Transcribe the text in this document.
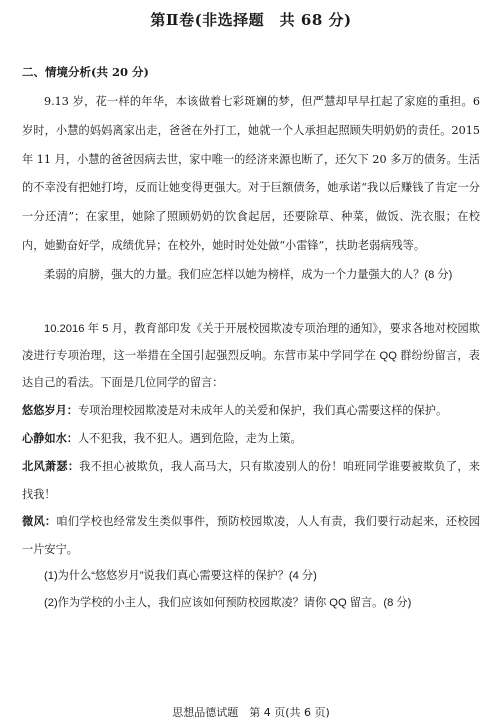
第Ⅱ卷(非选择题　共 68 分)
二、情境分析(共 20 分)

9.13 岁，花一样的年华，本该做着七彩斑斓的梦，但严慧却早早扛起了家庭的重担。6 岁时，小慧的妈妈离家出走，爸爸在外打工，她就一个人承担起照顾失明奶奶的责任。2015 年 11 月，小慧的爸爸因病去世，家中唯一的经济来源也断了，还欠下 20 多万的债务。生活的不幸没有把她打垮，反而让她变得更强大。对于巨额债务，她承诺“我以后赚钱了肯定一分一分还清”；在家里，她除了照顾奶奶的饮食起居，还要除草、种菜，做饭、洗衣服；在校内，她勤奋好学，成绩优异；在校外，她时时处处做“小雷锋”，扶助老弱病残等。

柔弱的肩膀，强大的力量。我们应怎样以她为榜样，成为一个力量强大的人？(8 分)

10.2016 年 5 月，教育部印发《关于开展校园欺凌专项治理的通知》，要求各地对校园欺凌进行专项治理，这一举措在全国引起强烈反响。东营市某中学同学在 QQ 群纷纷留言，表达自己的看法。下面是几位同学的留言：

悠悠岁月：专项治理校园欺凌是对未成年人的关爱和保护，我们真心需要这样的保护。

心静如水：人不犯我，我不犯人。遇到危险，走为上策。

北风萧瑟：我不担心被欺负，我人高马大，只有欺凌别人的份！咱班同学谁要被欺负了，来找我！

微风：咱们学校也经常发生类似事件，预防校园欺凌，人人有责，我们要行动起来，还校园一片安宁。

(1)为什么“悠悠岁月”说我们真心需要这样的保护？(4 分)

(2)作为学校的小主人，我们应该如何预防校园欺凌？请你 QQ 留言。(8 分)

思想品德试题　第 4 页(共 6 页)
